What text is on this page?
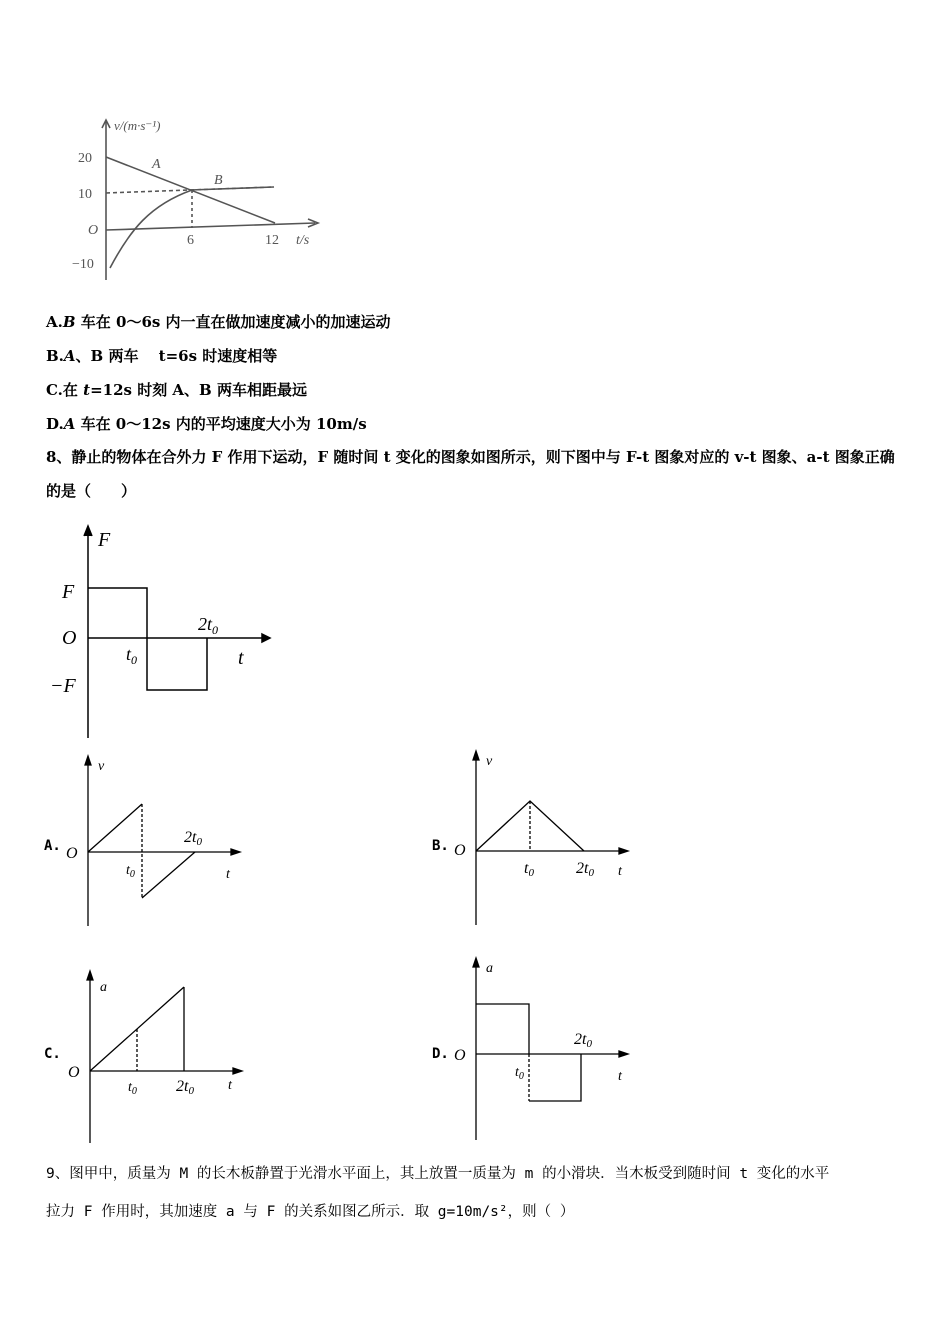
v/(m·s⁻¹)
20
10
O
−10
6	12 t/s
A
B
A.B 车在 0～6s 内一直在做加速度减小的加速运动
B.A、B 两车　 t=6s 时速度相等
C.在 t=12s 时刻 A、B 两车相距最远
D.A 车在 0～12s 内的平均速度大小为 10m/s
8、静止的物体在合外力 F 作用下运动，F 随时间 t 变化的图象如图所示，则下图中与 F-t 图象对应的 v-t 图象、a-t 图象正确的是（　　）
F
F
O
−F
$t_0$
$2t_0$
t
A.
v
O
$t_0$
2t0
t
B.
v
O
t0	2t0 t
C.
a
O
$t_0$ 2t0 t
D.
a
O
$t_0$
2t0
t
9、图甲中，质量为 M 的长木板静置于光滑水平面上，其上放置一质量为 m 的小滑块．当木板受到随时间 t 变化的水平
拉力 F 作用时，其加速度 a 与 F 的关系如图乙所示．取 g=10m/s²，则（ ）
